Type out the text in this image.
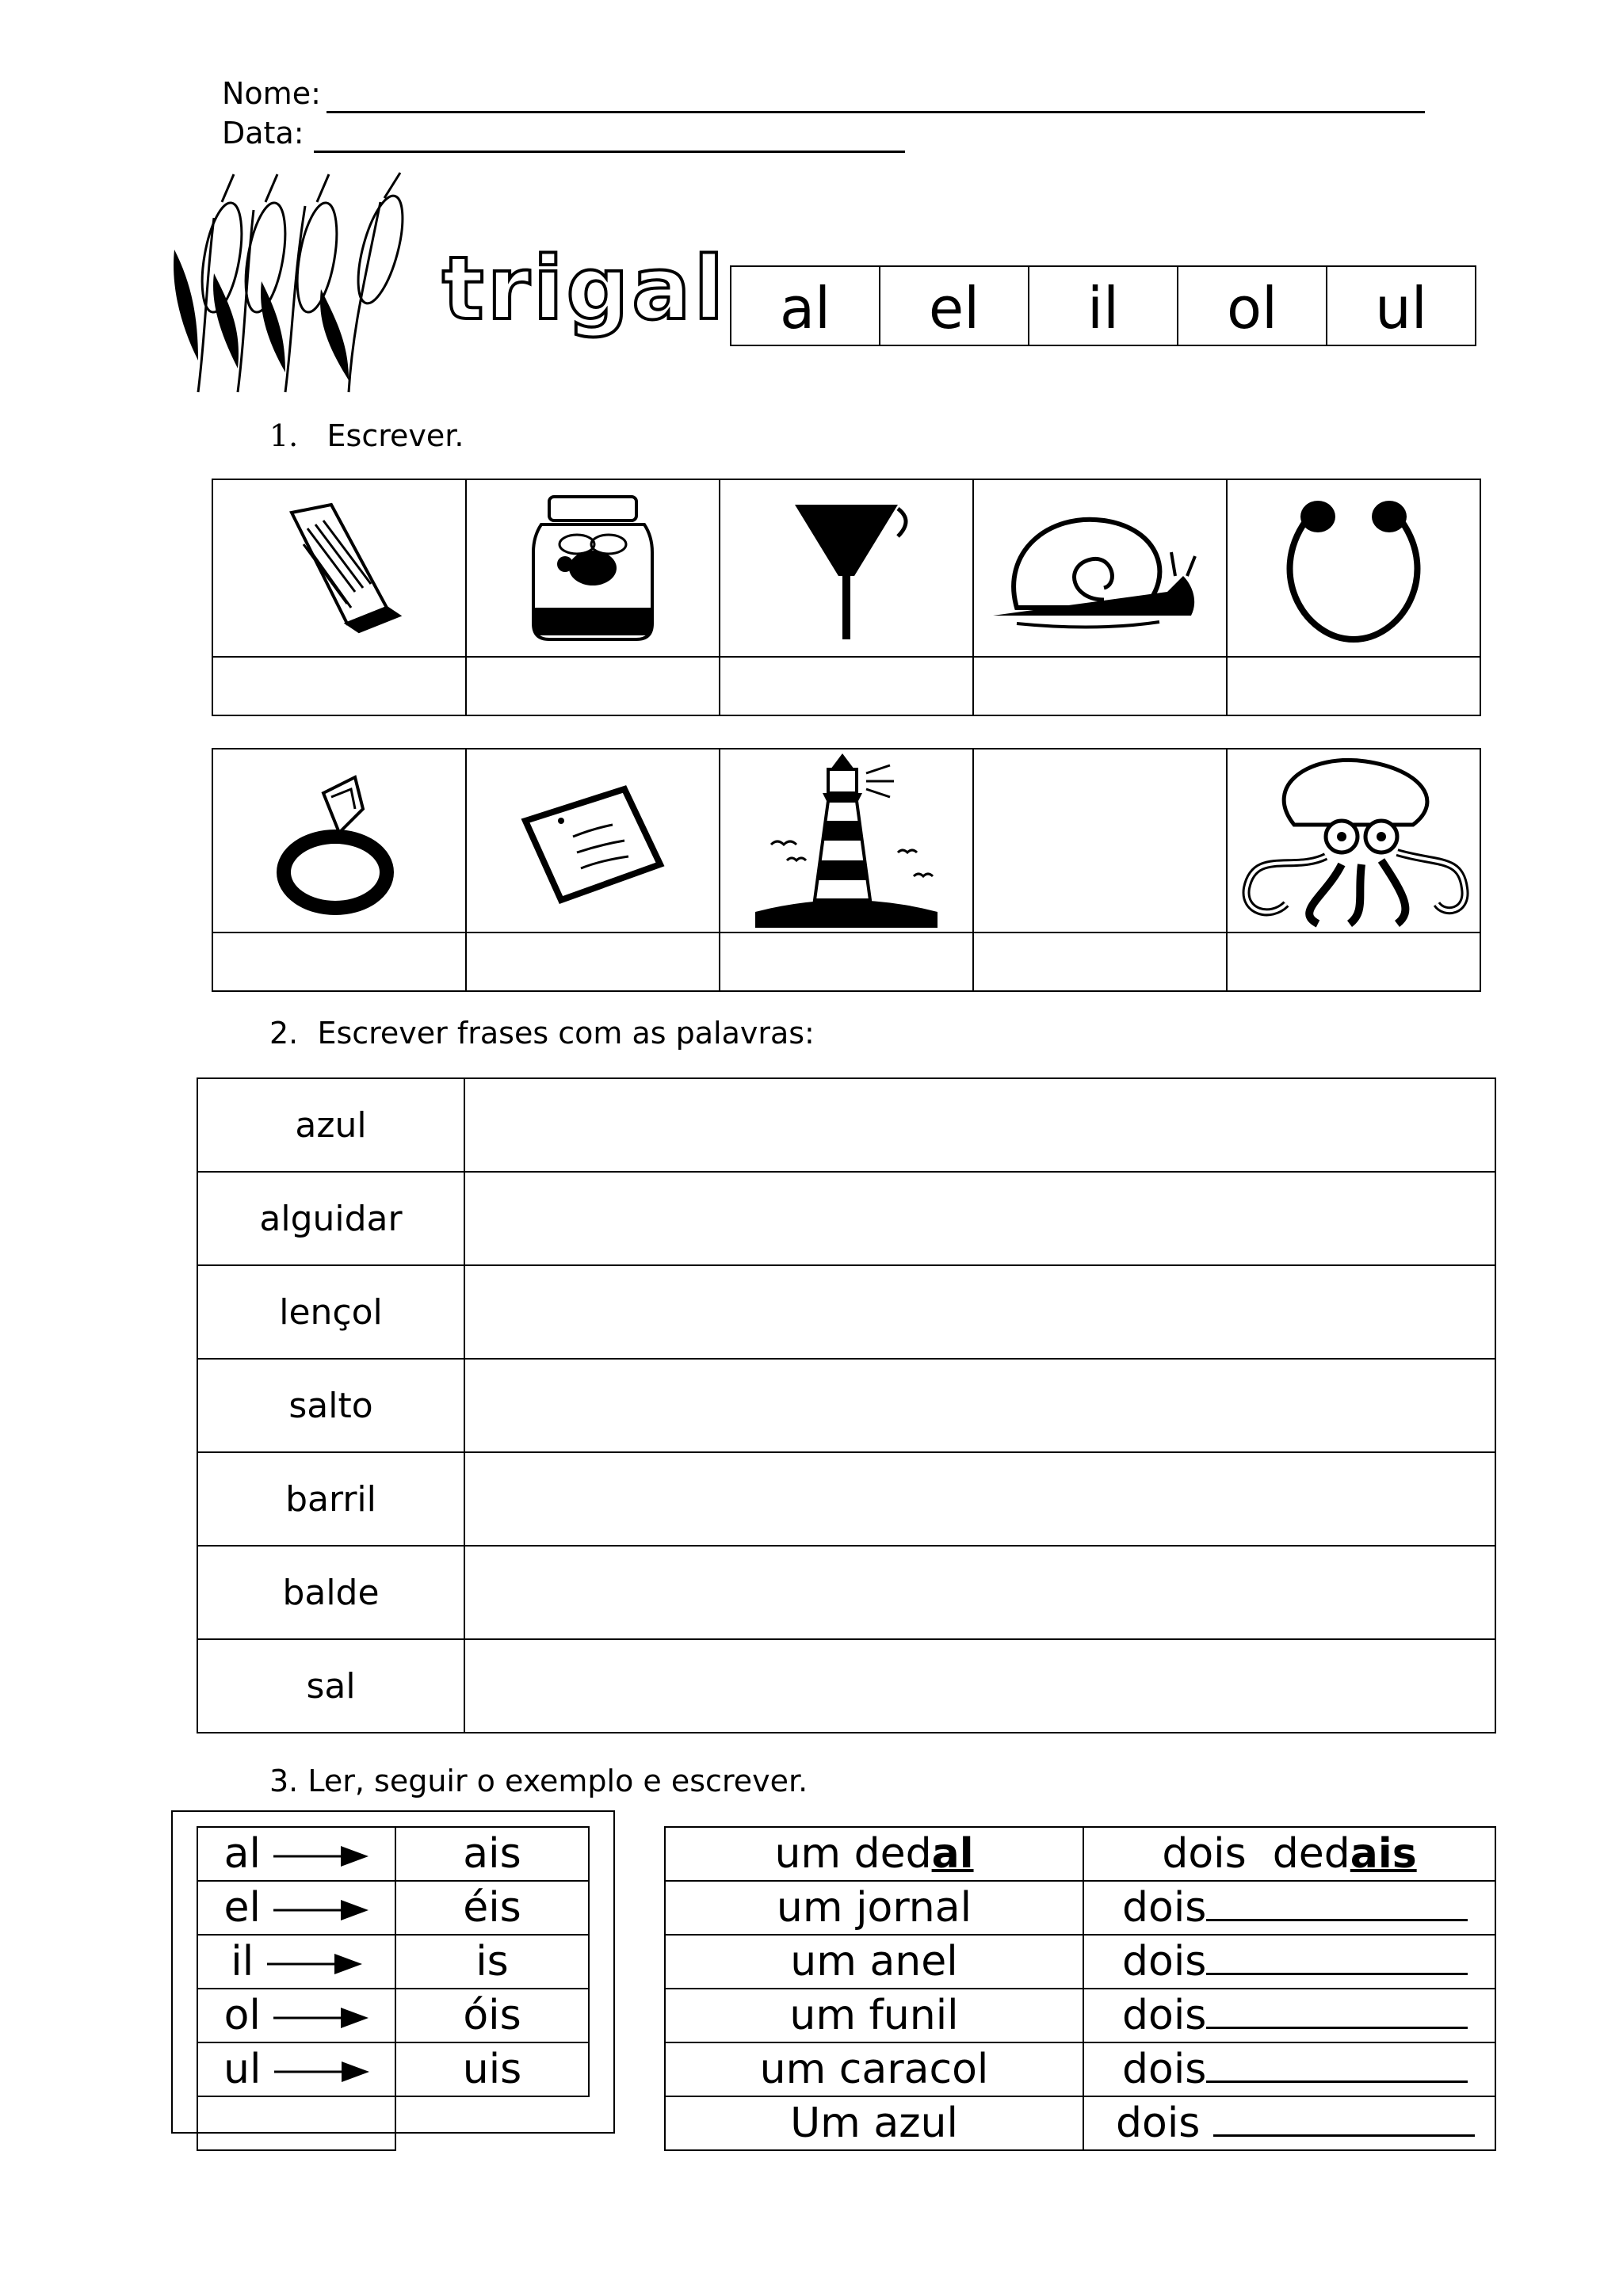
Nome:
Data:
trigal al	el	il	ol	ul
1. Escrever.

2. Escrever frases com as palavras:
azul	
alguidar	
lençol	
salto	
barril	
balde	
sal	
3. Ler, seguir o exemplo e escrever.
al	ais
el	éis
il	is
ol	óis
ul	uis

um dedal	dois  dedais
um jornal	dois
um anel	dois
um funil	dois
um caracol	dois
Um azul	dois
